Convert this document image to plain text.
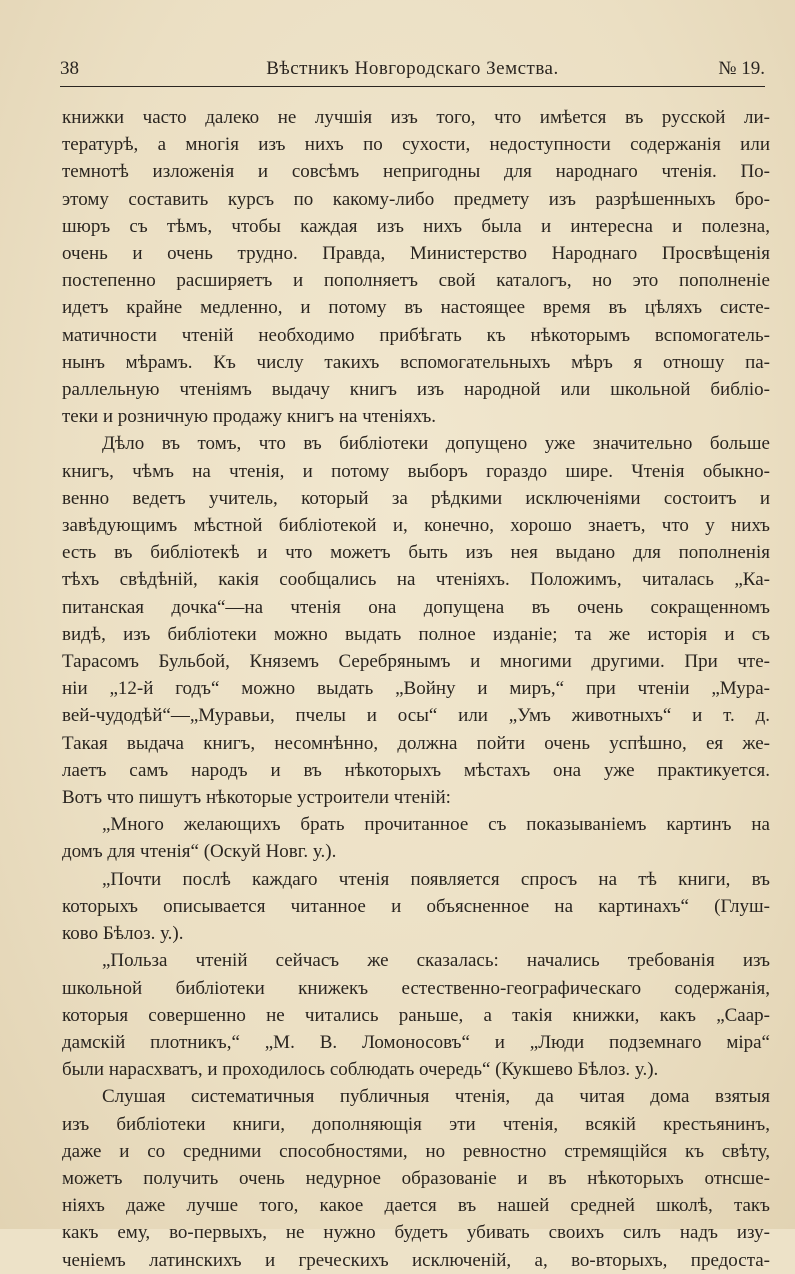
38	Вѣстникъ Новгородскаго Земства.	№ 19.

книжки часто далеко не лучшія изъ того, что имѣется въ русской ли-

тературѣ, а многія изъ нихъ по сухости, недоступности содержанія или

темнотѣ изложенія и совсѣмъ непригодны для народнаго чтенія. По-

этому составить курсъ по какому-либо предмету изъ разрѣшенныхъ бро-

шюръ съ тѣмъ, чтобы каждая изъ нихъ была и интересна и полезна,

очень и очень трудно. Правда, Министерство Народнаго Просвѣщенія

постепенно расширяетъ и пополняетъ свой каталогъ, но это пополненіе

идетъ крайне медленно, и потому въ настоящее время въ цѣляхъ систе-

матичности чтеній необходимо прибѣгать къ нѣкоторымъ вспомогатель-

нынъ мѣрамъ. Къ числу такихъ вспомогательныхъ мѣръ я отношу па-

раллельную чтеніямъ выдачу книгъ изъ народной или школьной библіо-

теки и розничную продажу книгъ на чтеніяхъ.

Дѣло въ томъ, что въ библіотеки допущено уже значительно больше

книгъ, чѣмъ на чтенія, и потому выборъ гораздо шире. Чтенія обыкно-

венно ведетъ учитель, который за рѣдкими исключеніями состоитъ и

завѣдующимъ мѣстной библіотекой и, конечно, хорошо знаетъ, что у нихъ

есть въ библіотекѣ и что можетъ быть изъ нея выдано для пополненія

тѣхъ свѣдѣній, какія сообщались на чтеніяхъ. Положимъ, читалась „Ка-

питанская дочка“—на чтенія она допущена въ очень сокращенномъ

видѣ, изъ библіотеки можно выдать полное изданіе; та же исторія и съ

Тарасомъ Бульбой, Княземъ Серебрянымъ и многими другими. При чте-

ніи „12-й годъ“ можно выдать „Войну и миръ,“ при чтеніи „Мура-

вей-чудодѣй“—„Муравьи, пчелы и осы“ или „Умъ животныхъ“ и т. д.

Такая выдача книгъ, несомнѣнно, должна пойти очень успѣшно, ея же-

лаетъ самъ народъ и въ нѣкоторыхъ мѣстахъ она уже практикуется.

Вотъ что пишутъ нѣкоторые устроители чтеній:

„Много желающихъ брать прочитанное съ показываніемъ картинъ на

домъ для чтенія“ (Оскуй Новг. у.).

„Почти послѣ каждаго чтенія появляется спросъ на тѣ книги, въ

которыхъ описывается читанное и объясненное на картинахъ“ (Глуш-

ково Бѣлоз. у.).

„Польза чтеній сейчасъ же сказалась: начались требованія изъ

школьной библіотеки книжекъ естественно-географическаго содержанія,

которыя совершенно не читались раньше, а такія книжки, какъ „Саар-

дамскій плотникъ,“ „М. В. Ломоносовъ“ и „Люди подземнаго міра“

были нарасхватъ, и проходилось соблюдать очередь“ (Кукшево Бѣлоз. у.).

Слушая систематичныя публичныя чтенія, да читая дома взятыя

изъ библіотеки книги, дополняющія эти чтенія, всякій крестьянинъ,

даже и со средними способностями, но ревностно стремящійся къ свѣту,

можетъ получить очень недурное образованіе и въ нѣкоторыхъ отнсше-

ніяхъ даже лучше того, какое дается въ нашей средней школѣ, такъ

какъ ему, во-первыхъ, не нужно будетъ убивать своихъ силъ надъ изу-

ченіемъ латинскихъ и греческихъ исключеній, а, во-вторыхъ, предоста-
